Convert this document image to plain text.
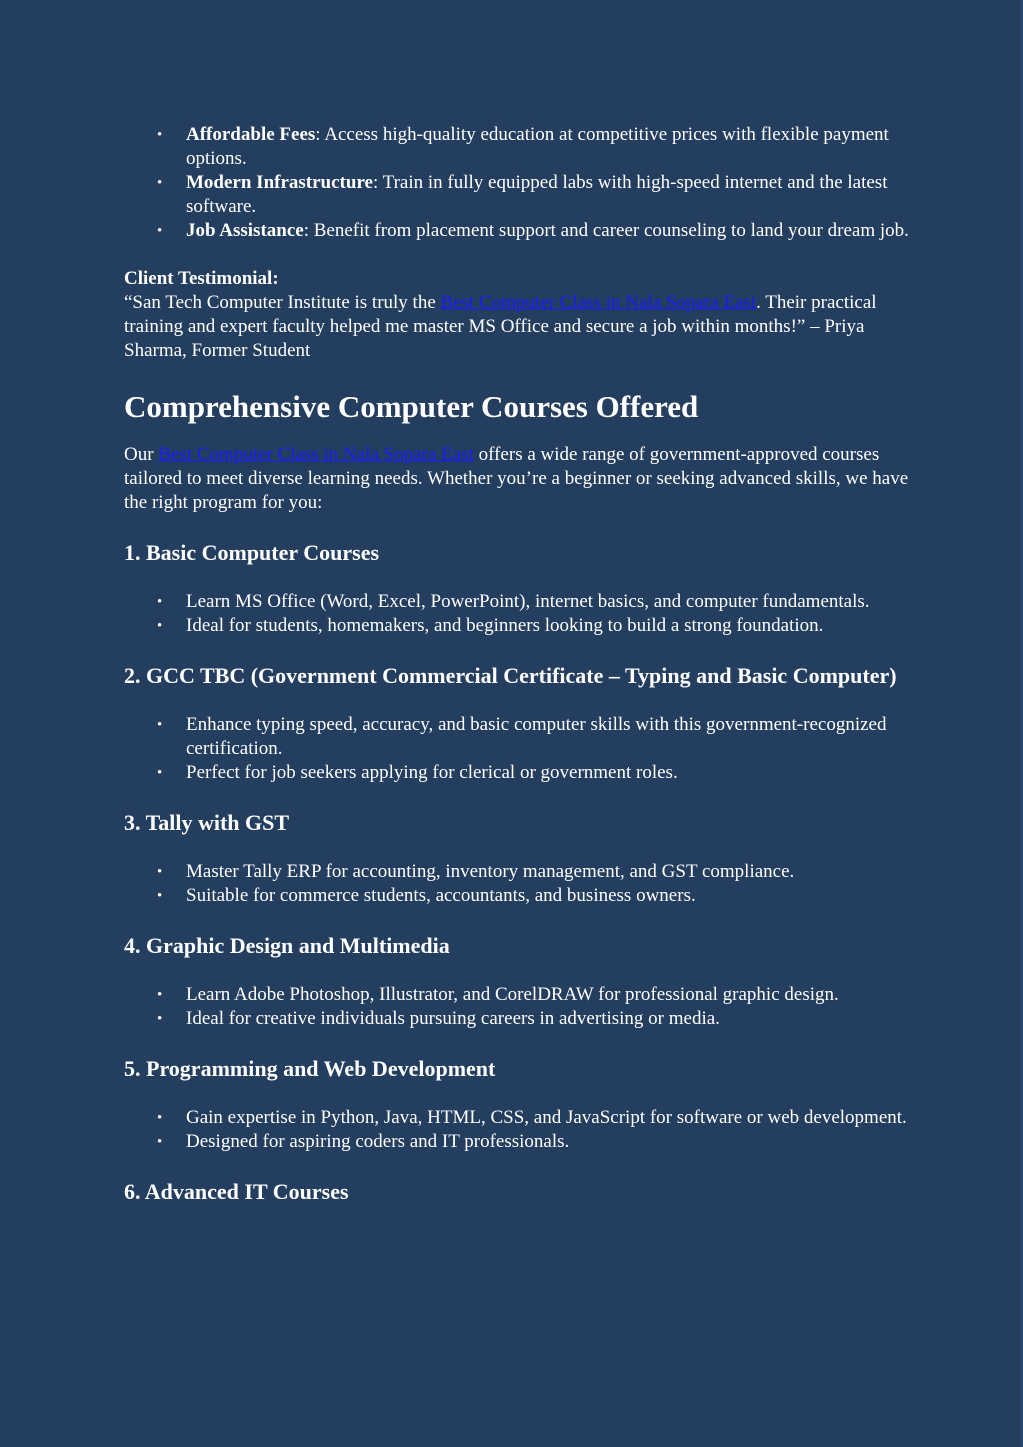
• Affordable Fees: Access high-quality education at competitive prices with flexible payment options.
• Modern Infrastructure: Train in fully equipped labs with high-speed internet and the latest software.
• Job Assistance: Benefit from placement support and career counseling to land your dream job.
Client Testimonial:
“San Tech Computer Institute is truly the Best Computer Class in Nala Sopara East. Their practical training and expert faculty helped me master MS Office and secure a job within months!” – Priya Sharma, Former Student
Comprehensive Computer Courses Offered

Our Best Computer Class in Nala Sopara East offers a wide range of government-approved courses tailored to meet diverse learning needs. Whether you’re a beginner or seeking advanced skills, we have the right program for you:

1. Basic Computer Courses
• Learn MS Office (Word, Excel, PowerPoint), internet basics, and computer fundamentals.
• Ideal for students, homemakers, and beginners looking to build a strong foundation.
2. GCC TBC (Government Commercial Certificate – Typing and Basic Computer)
• Enhance typing speed, accuracy, and basic computer skills with this government-recognized certification.
• Perfect for job seekers applying for clerical or government roles.
3. Tally with GST
• Master Tally ERP for accounting, inventory management, and GST compliance.
• Suitable for commerce students, accountants, and business owners.
4. Graphic Design and Multimedia
• Learn Adobe Photoshop, Illustrator, and CorelDRAW for professional graphic design.
• Ideal for creative individuals pursuing careers in advertising or media.
5. Programming and Web Development
• Gain expertise in Python, Java, HTML, CSS, and JavaScript for software or web development.
• Designed for aspiring coders and IT professionals.
6. Advanced IT Courses
